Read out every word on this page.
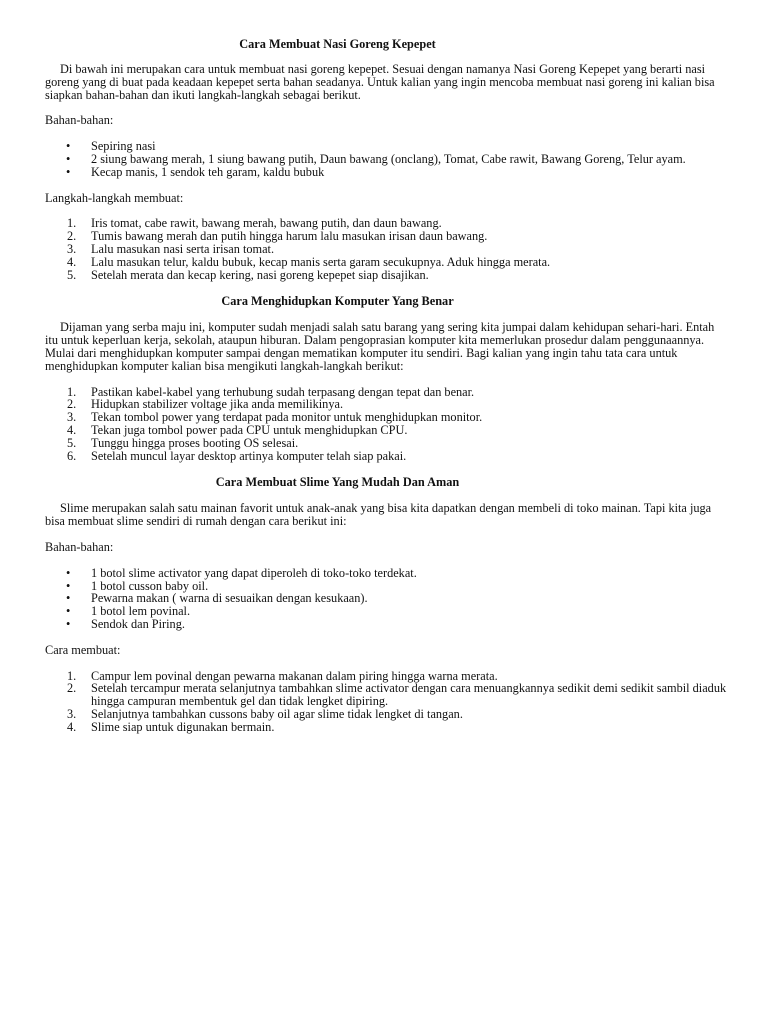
Cara Membuat Nasi Goreng Kepepet

Di bawah ini merupakan cara untuk membuat nasi goreng kepepet. Sesuai dengan namanya Nasi Goreng Kepepet yang berarti nasi goreng yang di buat pada keadaan kepepet serta bahan seadanya. Untuk kalian yang ingin mencoba membuat nasi goreng ini kalian bisa siapkan bahan-bahan dan ikuti langkah-langkah sebagai berikut.

Bahan-bahan:

• Sepiring nasi
• 2 siung bawang merah, 1 siung bawang putih, Daun bawang (onclang), Tomat, Cabe rawit, Bawang Goreng, Telur ayam.
• Kecap manis, 1 sendok teh garam, kaldu bubuk

Langkah-langkah membuat:

1. Iris tomat, cabe rawit, bawang merah, bawang putih, dan daun bawang.
2. Tumis bawang merah dan putih hingga harum lalu masukan irisan daun bawang.
3. Lalu masukan nasi serta irisan tomat.
4. Lalu masukan telur, kaldu bubuk, kecap manis serta garam secukupnya. Aduk hingga merata.
5. Setelah merata dan kecap kering, nasi goreng kepepet siap disajikan.
Cara Menghidupkan Komputer Yang Benar

Dijaman yang serba maju ini, komputer sudah menjadi salah satu barang yang sering kita jumpai dalam kehidupan sehari-hari. Entah itu untuk keperluan kerja, sekolah, ataupun hiburan. Dalam pengoprasian komputer kita memerlukan prosedur dalam penggunaannya. Mulai dari menghidupkan komputer sampai dengan mematikan komputer itu sendiri. Bagi kalian yang ingin tahu tata cara untuk menghidupkan komputer kalian bisa mengikuti langkah-langkah berikut:

1. Pastikan kabel-kabel yang terhubung sudah terpasang dengan tepat dan benar.
2. Hidupkan stabilizer voltage jika anda memilikinya.
3. Tekan tombol power yang terdapat pada monitor untuk menghidupkan monitor.
4. Tekan juga tombol power pada CPU untuk menghidupkan CPU.
5. Tunggu hingga proses booting OS selesai.
6. Setelah muncul layar desktop artinya komputer telah siap pakai.
Cara Membuat Slime Yang Mudah Dan Aman

Slime merupakan salah satu mainan favorit untuk anak-anak yang bisa kita dapatkan dengan membeli di toko mainan. Tapi kita juga bisa membuat slime sendiri di rumah dengan cara berikut ini:

Bahan-bahan:

• 1 botol slime activator yang dapat diperoleh di toko-toko terdekat.
• 1 botol cusson baby oil.
• Pewarna makan ( warna di sesuaikan dengan kesukaan).
• 1 botol lem povinal.
• Sendok dan Piring.

Cara membuat:

1. Campur lem povinal dengan pewarna makanan dalam piring hingga warna merata.
2. Setelah tercampur merata selanjutnya tambahkan slime activator dengan cara menuangkannya sedikit demi sedikit sambil diaduk hingga campuran membentuk gel dan tidak lengket dipiring.
3. Selanjutnya tambahkan cussons baby oil agar slime tidak lengket di tangan.
4. Slime siap untuk digunakan bermain.
